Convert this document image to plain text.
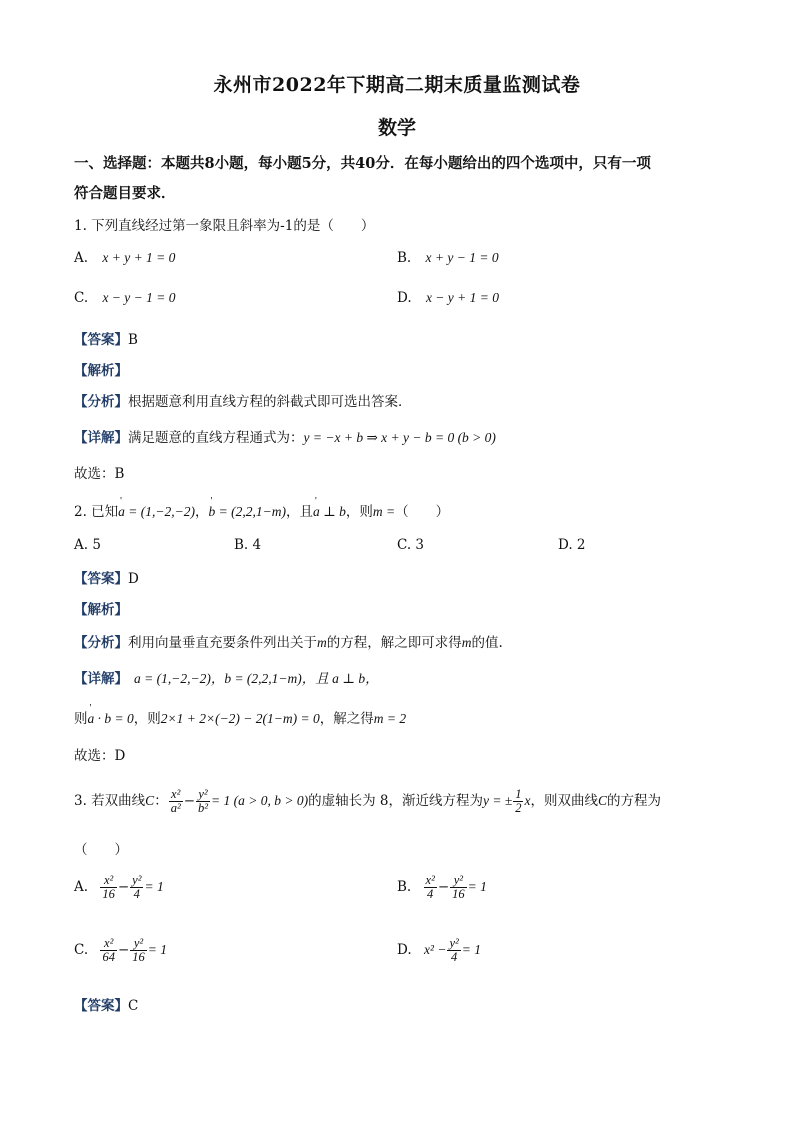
永州市2022年下期高二期末质量监测试卷
数学
一、选择题：本题共8小题，每小题5分，共40分．在每小题给出的四个选项中，只有一项
符合题目要求．
1. 下列直线经过第一象限且斜率为-1的是（　　）
A. x + y + 1 = 0	B. x + y − 1 = 0
C. x − y − 1 = 0	D. x − y + 1 = 0
【答案】B
【解析】
【分析】根据题意利用直线方程的斜截式即可选出答案．
【详解】满足题意的直线方程通式为：y = −x + b ⇒ x + y − b = 0 (b > 0)
故选：B
2. 已知' a = (1,−2,−2)，' b = (2,2,1−m)，且' a ⊥ b，则m =（　　）
A. 5	B. 4	C. 3	D. 2
【答案】D
【解析】
【分析】利用向量垂直充要条件列出关于m的方程，解之即可求得m的值.
【详解】 a = (1,−2,−2)，b = (2,2,1−m)，且 a ⊥ b，
则' a · b = 0，则2×1 + 2×(−2) − 2(1−m) = 0，解之得m = 2
故选：D
3. 若双曲线C： $\frac{\text{x²}}{\text{a²}} - \frac{\text{y²}}{\text{b²}} = 1$ (a > 0, b > 0)的虚轴长为 8，渐近线方程为y = ± $\frac{1}{2}$ x，则双曲线C的方程为
（　　）
A. $\frac{\text{x²}}{16} - \frac{\text{y²}}{4} = 1$	B. $\frac{\text{x²}}{4} - \frac{\text{y²}}{16} = 1$
C. $\frac{\text{x²}}{64} - \frac{\text{y²}}{16} = 1$	D. $x^2 - \frac{\text{y²}}{4} = 1$
【答案】C
